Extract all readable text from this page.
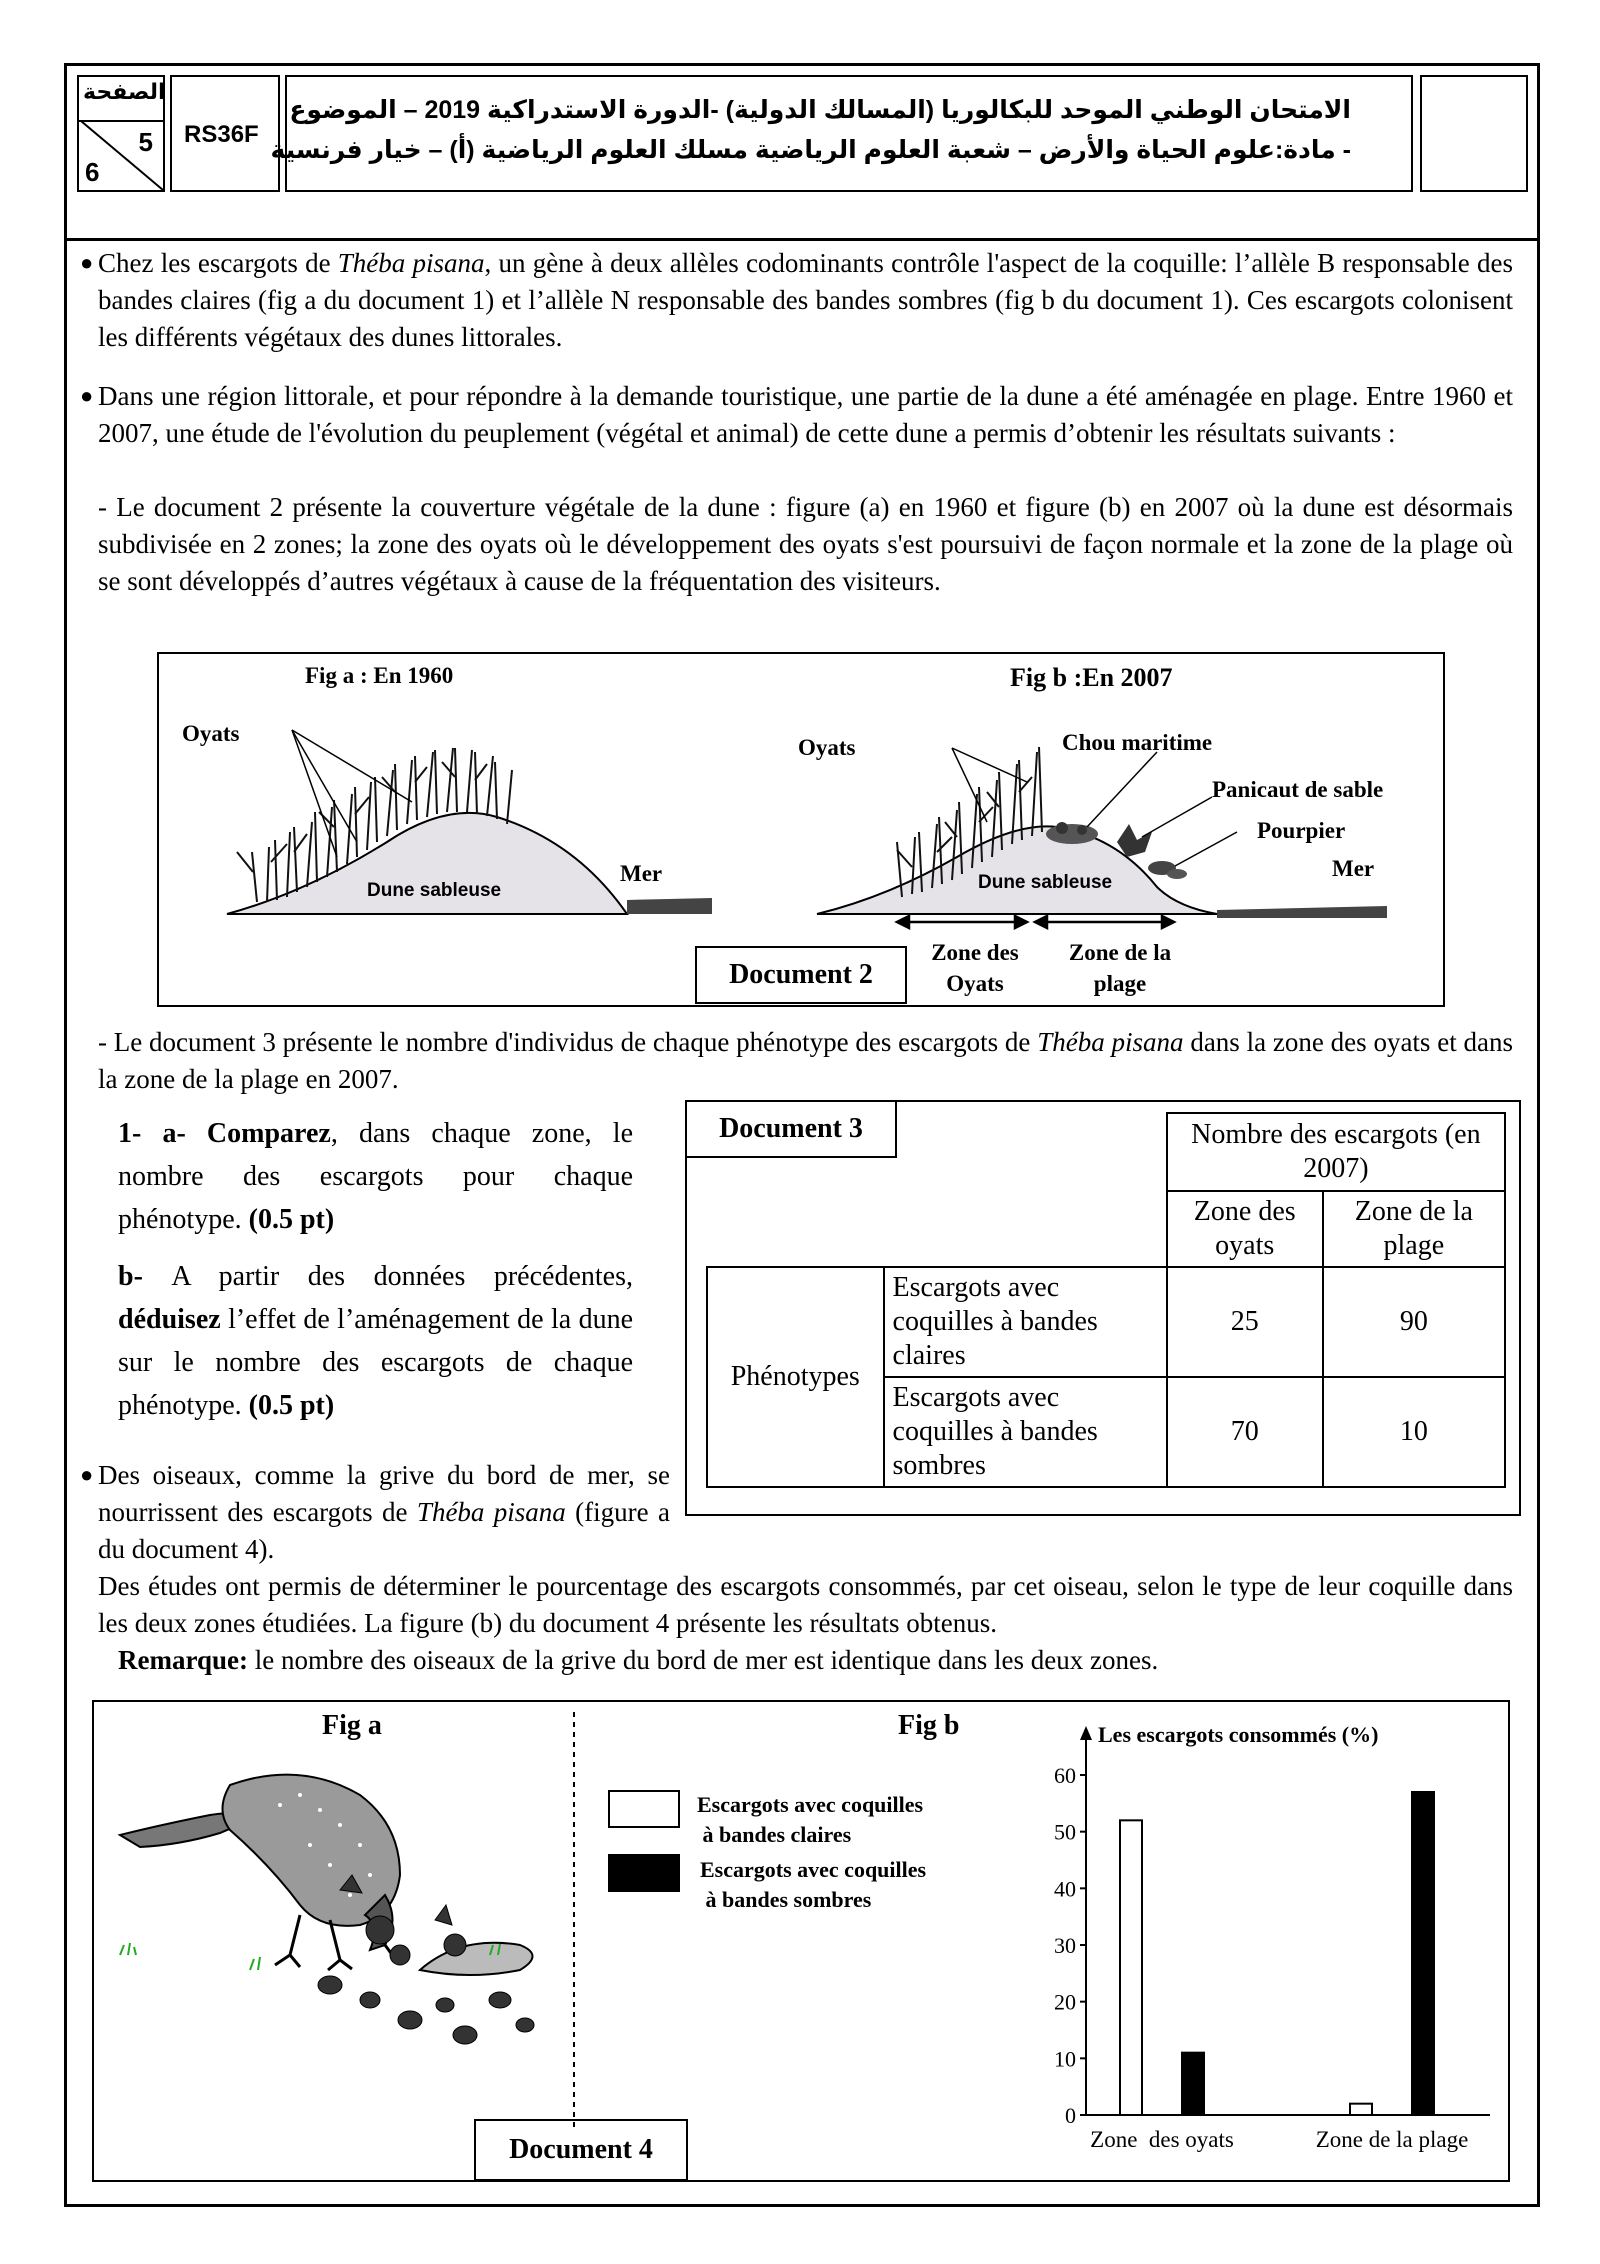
الصفحة
5
6
RS36F
الامتحان الوطني الموحد للبكالوريا (المسالك الدولية) -الدورة الاستدراكية 2019 – الموضوع
- مادة:علوم الحياة والأرض – شعبة العلوم الرياضية مسلك العلوم الرياضية (أ) – خيار فرنسية
● Chez les escargots de Théba pisana, un gène à deux allèles codominants contrôle l'aspect de la coquille: l’allèle B responsable des bandes claires (fig a du document 1) et l’allèle N responsable des bandes sombres (fig b du document 1). Ces escargots colonisent les différents végétaux des dunes littorales.
● Dans une région littorale, et pour répondre à la demande touristique, une partie de la dune a été aménagée en plage. Entre 1960 et 2007, une étude de l'évolution du peuplement (végétal et animal) de cette dune a permis d’obtenir les résultats suivants :
- Le document 2 présente la couverture végétale de la dune : figure (a) en 1960 et figure (b) en 2007 où la dune est désormais subdivisée en 2 zones; la zone des oyats où le développement des oyats s'est poursuivi de façon normale et la zone de la plage où se sont développés d’autres végétaux à cause de la fréquentation des visiteurs.
Fig a : En 1960	Fig b :En 2007
Oyats
Dune sableuse
Mer
Oyats	Chou maritime
Panicaut de sable
Pourpier
Mer
Dune sableuse
Zone des
Oyats
Zone de la
plage
Document 2
- Le document 3 présente le nombre d'individus de chaque phénotype des escargots de Théba pisana dans la zone des oyats et dans la zone de la plage en 2007.
1- a- Comparez, dans chaque zone, le nombre des escargots pour chaque phénotype. (0.5 pt)
b- A partir des données précédentes, déduisez l’effet de l’aménagement de la dune sur le nombre des escargots de chaque phénotype. (0.5 pt)
Document 3
			Nombre des escargots (en 2007)	
		Zone des oyats	Zone de la plage
Phénotypes	Escargots avec coquilles à bandes claires	25	90
	Escargots avec coquilles à bandes sombres	70	10
● Des oiseaux, comme la grive du bord de mer, se nourrissent des escargots de Théba pisana (figure a du document 4).
Des études ont permis de déterminer le pourcentage des escargots consommés, par cet oiseau, selon le type de leur coquille dans les deux zones étudiées. La figure (b) du document 4 présente les résultats obtenus.
Remarque: le nombre des oiseaux de la grive du bord de mer est identique dans les deux zones.
Fig a	Fig b
Document 4
Escargots avec coquilles
à bandes claires
Escargots avec coquilles
à bandes sombres
Les escargots consommés (%)
0
10
20
30
40
50
60
Zone  des oyats	Zone de la plage
